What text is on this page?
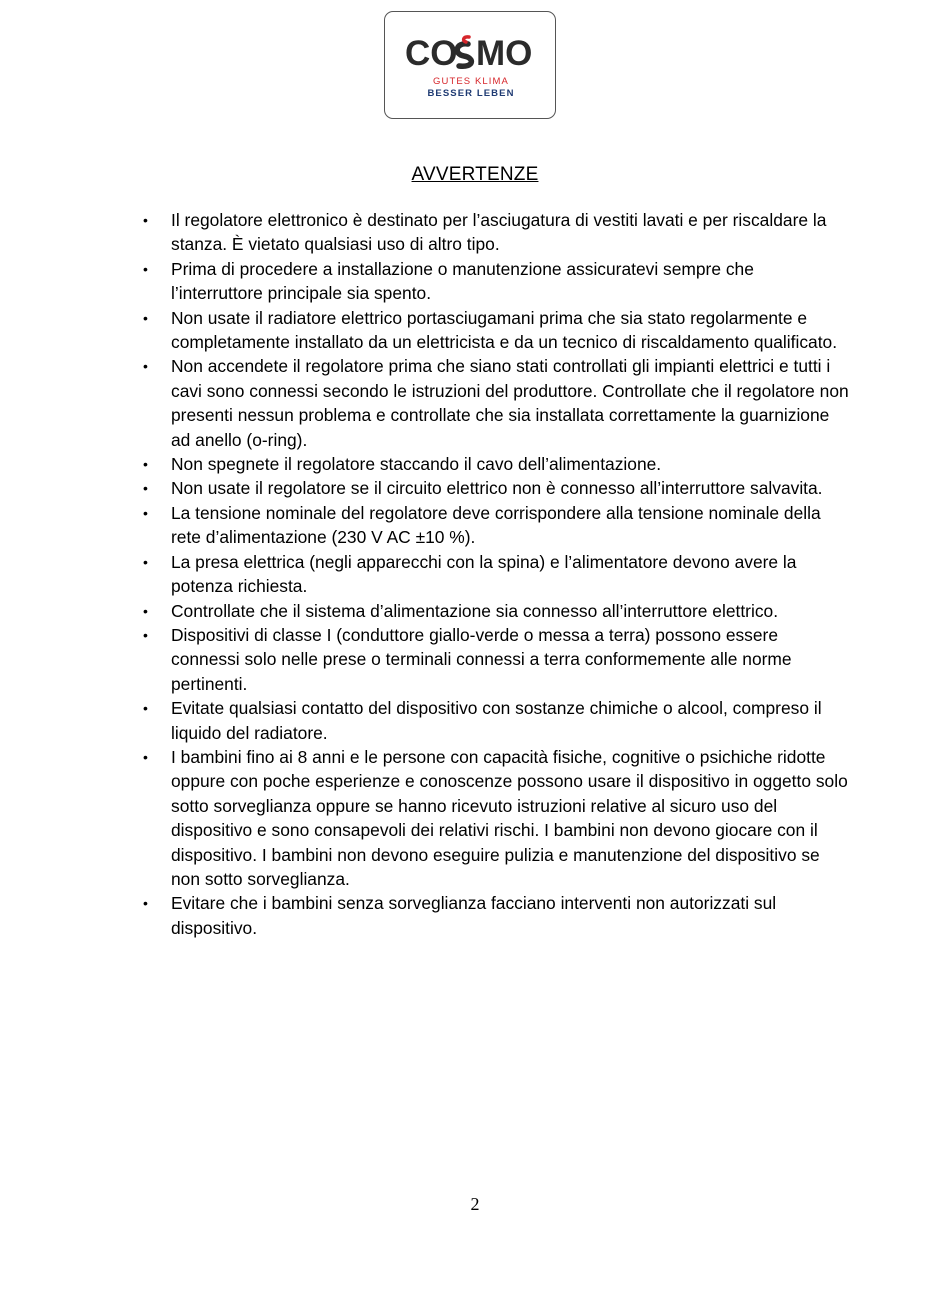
CO MO
GUTES KLIMA
BESSER LEBEN
AVVERTENZE
• Il regolatore elettronico è destinato per l’asciugatura di vestiti lavati e per riscaldare la stanza. È vietato qualsiasi uso di altro tipo.
• Prima di procedere a installazione o manutenzione assicuratevi sempre che l’interruttore principale sia spento.
• Non usate il radiatore elettrico portasciugamani prima che sia stato regolarmente e completamente installato da un elettricista e da un tecnico di riscaldamento qualificato.
• Non accendete il regolatore prima che siano stati controllati gli impianti elettrici e tutti i cavi sono connessi secondo le istruzioni del produttore. Controllate che il regolatore non presenti nessun problema e controllate che sia installata correttamente la guarnizione ad anello (o-ring).
• Non spegnete il regolatore staccando il cavo dell’alimentazione.
• Non usate il regolatore se il circuito elettrico non è connesso all’interruttore salvavita.
• La tensione nominale del regolatore deve corrispondere alla tensione nominale della rete d’alimentazione (230 V AC ±10 %).
• La presa elettrica (negli apparecchi con la spina) e l’alimentatore devono avere la potenza richiesta.
• Controllate che il sistema d’alimentazione sia connesso all’interruttore elettrico.
• Dispositivi di classe I (conduttore giallo-verde o messa a terra) possono essere connessi solo nelle prese o terminali connessi a terra conformemente alle norme pertinenti.
• Evitate qualsiasi contatto del dispositivo con sostanze chimiche o alcool, compreso il liquido del radiatore.
• I bambini fino ai 8 anni e le persone con capacità fisiche, cognitive o psichiche ridotte oppure con poche esperienze e conoscenze possono usare il dispositivo in oggetto solo sotto sorveglianza oppure se hanno ricevuto istruzioni relative al sicuro uso del dispositivo e sono consapevoli dei relativi rischi. I bambini non devono giocare con il dispositivo. I bambini non devono eseguire pulizia e manutenzione del dispositivo se non sotto sorveglianza.
• Evitare che i bambini senza sorveglianza facciano interventi non autorizzati sul dispositivo.
2
